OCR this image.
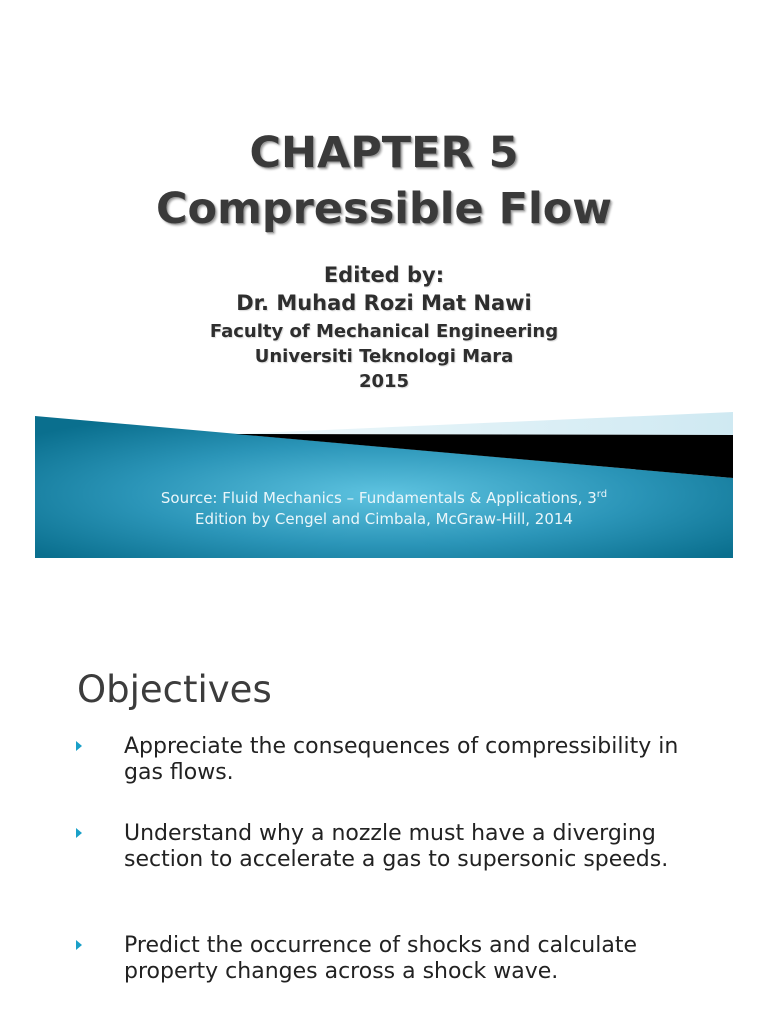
CHAPTER 5
Compressible Flow
Edited by:
Dr. Muhad Rozi Mat Nawi
Faculty of Mechanical Engineering
Universiti Teknologi Mara
2015
Source: Fluid Mechanics – Fundamentals & Applications, 3rd
Edition by Cengel and Cimbala, McGraw-Hill, 2014
Objectives
Appreciate the consequences of compressibility in gas flows.
Understand why a nozzle must have a diverging section to accelerate a gas to supersonic speeds.
Predict the occurrence of shocks and calculate property changes across a shock wave.
